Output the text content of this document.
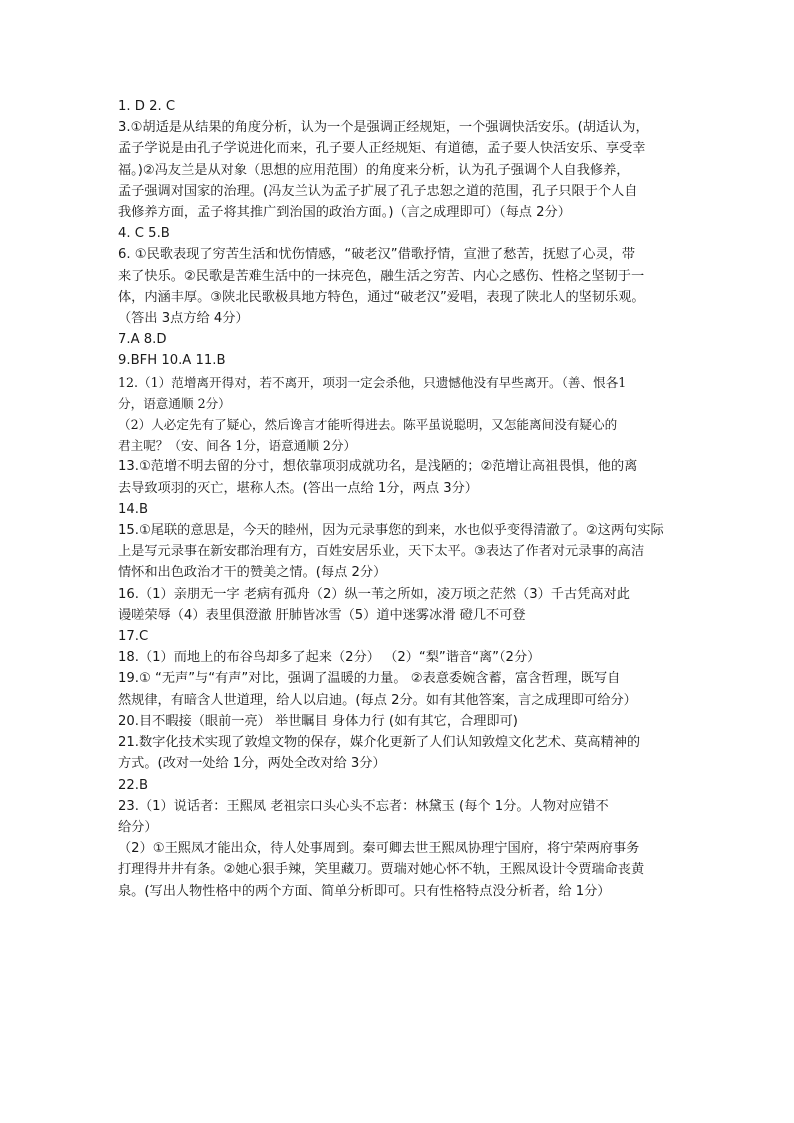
1. D 2. C
3.①胡适是从结果的角度分析，认为一个是强调正经规矩，一个强调快活安乐。(胡适认为，
孟子学说是由孔子学说进化而来，孔子要人正经规矩、有道德，孟子要人快活安乐、享受幸
福。)②冯友兰是从对象（思想的应用范围）的角度来分析，认为孔子强调个人自我修养，
孟子强调对国家的治理。(冯友兰认为孟子扩展了孔子忠恕之道的范围，孔子只限于个人自
我修养方面，孟子将其推广到治国的政治方面。)（言之成理即可）（每点 2分）
4. C 5.B
6. ①民歌表现了穷苦生活和忧伤情感，“破老汉”借歌抒情，宣泄了愁苦，抚慰了心灵，带
来了快乐。②民歌是苦难生活中的一抹亮色，融生活之穷苦、内心之感伤、性格之坚韧于一
体，内涵丰厚。③陕北民歌极具地方特色，通过“破老汉”爱唱，表现了陕北人的坚韧乐观。
（答出 3点方给 4分）
7.A 8.D
9.BFH 10.A 11.B
12.（1）范增离开得对，若不离开，项羽一定会杀他，只遗憾他没有早些离开。（善、恨各1
分，语意通顺 2分）
（2）人必定先有了疑心，然后谗言才能听得进去。陈平虽说聪明，又怎能离间没有疑心的
君主呢？（安、间各 1分，语意通顺 2分）
13.①范增不明去留的分寸，想依靠项羽成就功名，是浅陋的；②范增让高祖畏惧，他的离
去导致项羽的灭亡，堪称人杰。(答出一点给 1分，两点 3分）
14.B
15.①尾联的意思是，今天的睦州，因为元录事您的到来，水也似乎变得清澈了。②这两句实际
上是写元录事在新安郡治理有方，百姓安居乐业，天下太平。③表达了作者对元录事的高洁
情怀和出色政治才干的赞美之情。(每点 2分）
16.（1）亲朋无一字 老病有孤舟（2）纵一苇之所如，凌万顷之茫然（3）千古凭高对此
谩嗟荣辱（4）表里俱澄澈 肝肺皆冰雪（5）道中迷雾冰滑 磴几不可登
17.C
18.（1）而地上的布谷鸟却多了起来（2分） （2）“梨”谐音“离”（2分）
19.① “无声”与“有声”对比，强调了温暖的力量。 ②表意委婉含蓄，富含哲理，既写自
然规律，有暗含人世道理，给人以启迪。(每点 2分。如有其他答案，言之成理即可给分）
20.目不暇接（眼前一亮） 举世瞩目 身体力行 (如有其它，合理即可)
21.数字化技术实现了敦煌文物的保存，媒介化更新了人们认知敦煌文化艺术、莫高精神的
方式。(改对一处给 1分，两处全改对给 3分）
22.B
23.（1）说话者：王熙凤 老祖宗口头心头不忘者：林黛玉 (每个 1分。人物对应错不
给分）
（2）①王熙凤才能出众，待人处事周到。秦可卿去世王熙凤协理宁国府，将宁荣两府事务
打理得井井有条。②她心狠手辣，笑里藏刀。贾瑞对她心怀不轨，王熙凤设计令贾瑞命丧黄
泉。(写出人物性格中的两个方面、简单分析即可。只有性格特点没分析者，给 1分）
